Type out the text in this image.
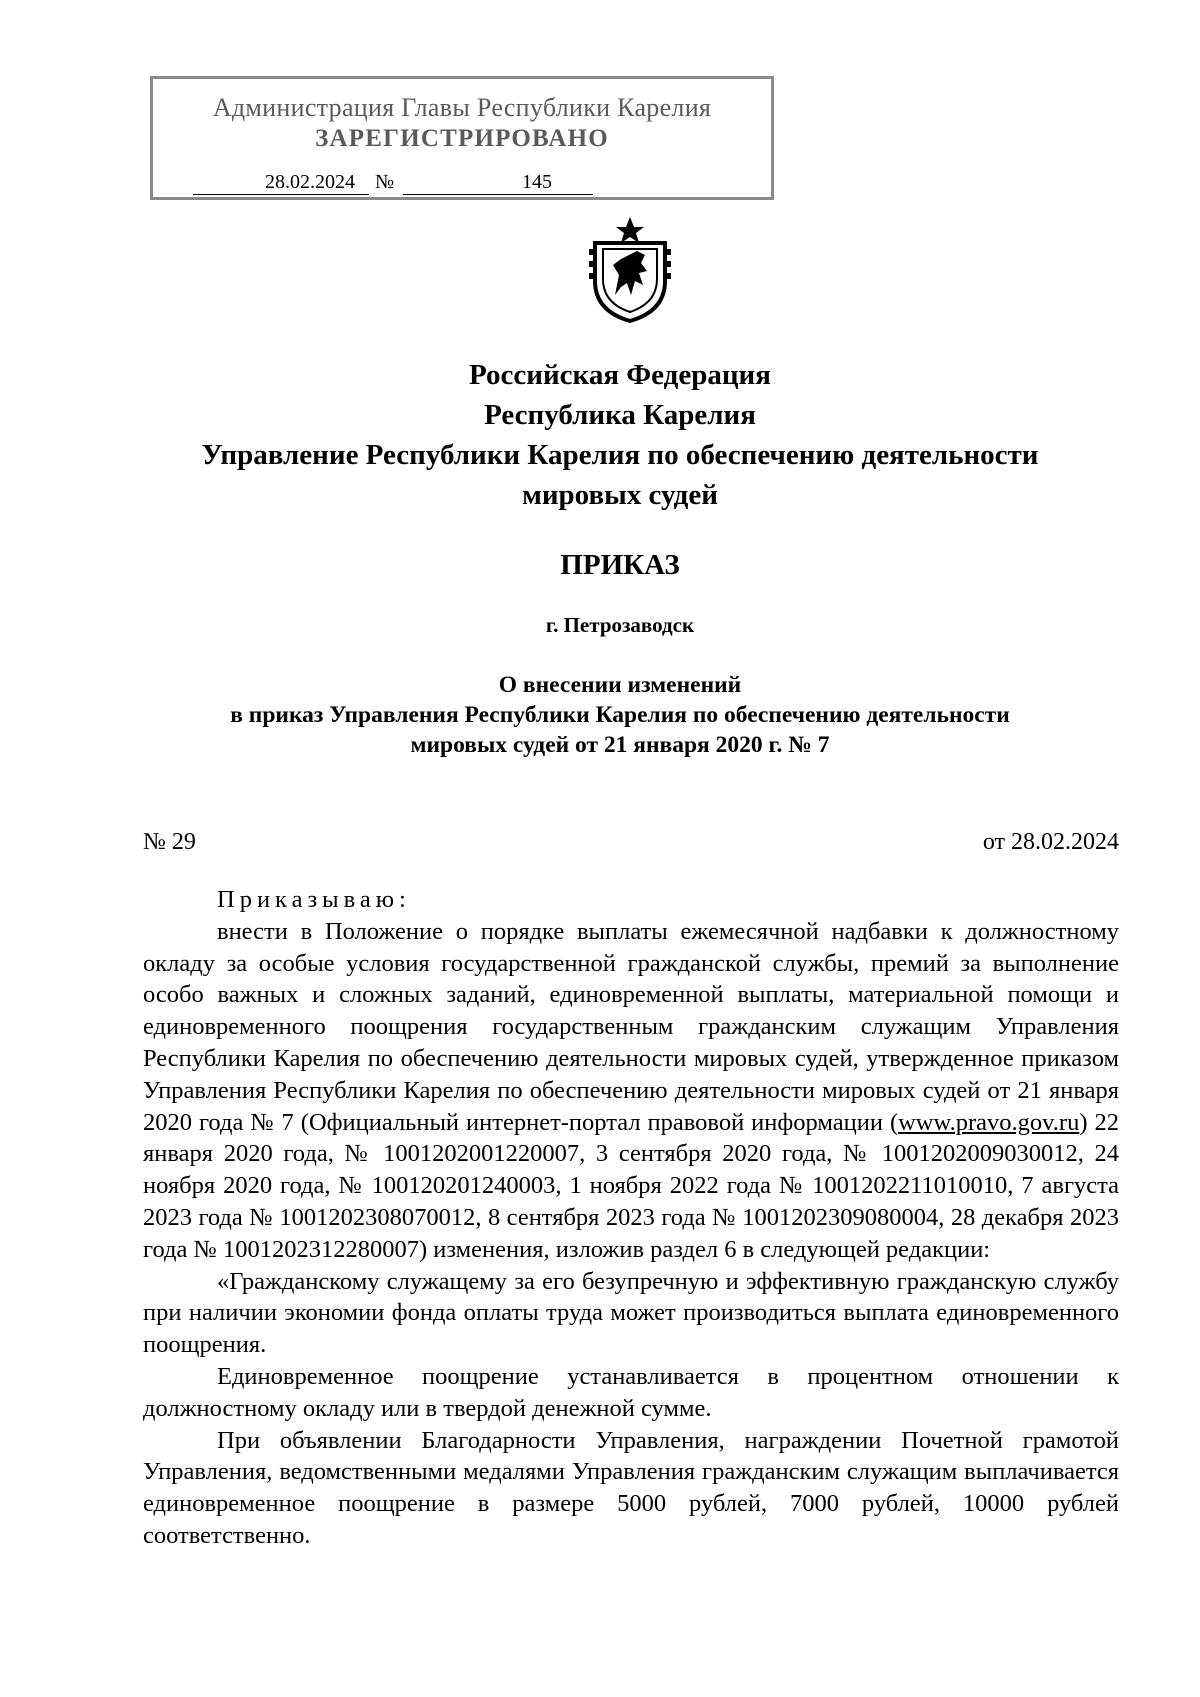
Администрация Главы Республики Карелия
ЗАРЕГИСТРИРОВАНО
28.02.2024	№	145
Российская Федерация
Республика Карелия
Управление Республики Карелия по обеспечению деятельности
мировых судей
ПРИКАЗ
г. Петрозаводск
О внесении изменений
в приказ Управления Республики Карелия по обеспечению деятельности
мировых судей от 21 января 2020 г. № 7
№ 29	от 28.02.2024

Приказываю:

внести в Положение о порядке выплаты ежемесячной надбавки к должностному окладу за особые условия государственной гражданской службы, премий за выполнение особо важных и сложных заданий, единовременной выплаты, материальной помощи и единовременного поощрения государственным гражданским служащим Управления Республики Карелия по обеспечению деятельности мировых судей, утвержденное приказом Управления Республики Карелия по обеспечению деятельности мировых судей от 21 января 2020 года № 7 (Официальный интернет-портал правовой информации (www.pravo.gov.ru) 22 января 2020 года, № 1001202001220007, 3 сентября 2020 года, № 1001202009030012, 24 ноября 2020 года, № 100120201240003, 1 ноября 2022 года № 1001202211010010, 7 августа 2023 года № 1001202308070012, 8 сентября 2023 года № 1001202309080004, 28 декабря 2023 года № 1001202312280007) изменения, изложив раздел 6 в следующей редакции:

«Гражданскому служащему за его безупречную и эффективную гражданскую службу при наличии экономии фонда оплаты труда может производиться выплата единовременного поощрения.

Единовременное поощрение устанавливается в процентном отношении к должностному окладу или в твердой денежной сумме.

При объявлении Благодарности Управления, награждении Почетной грамотой Управления, ведомственными медалями Управления гражданским служащим выплачивается единовременное поощрение в размере 5000 рублей, 7000 рублей, 10000 рублей соответственно.
